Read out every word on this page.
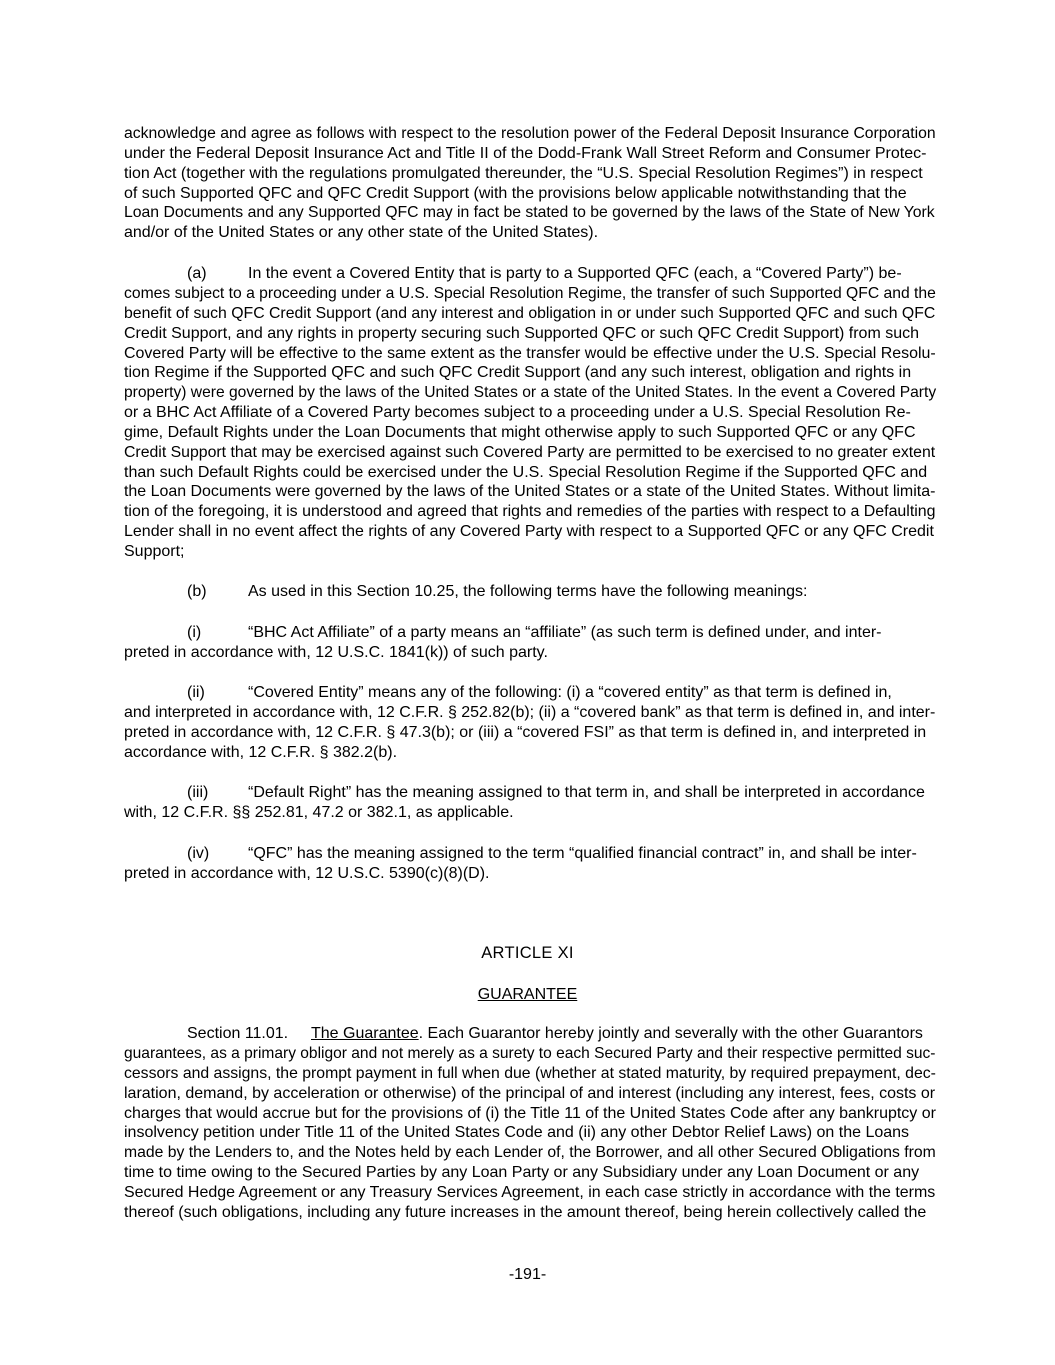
acknowledge and agree as follows with respect to the resolution power of the Federal Deposit Insurance Corporation
under the Federal Deposit Insurance Act and Title II of the Dodd-Frank Wall Street Reform and Consumer Protec-
tion Act (together with the regulations promulgated thereunder, the “U.S. Special Resolution Regimes”) in respect
of such Supported QFC and QFC Credit Support (with the provisions below applicable notwithstanding that the
Loan Documents and any Supported QFC may in fact be stated to be governed by the laws of the State of New York
and/or of the United States or any other state of the United States).
(a)	In the event a Covered Entity that is party to a Supported QFC (each, a “Covered Party”) be-
comes subject to a proceeding under a U.S. Special Resolution Regime, the transfer of such Supported QFC and the
benefit of such QFC Credit Support (and any interest and obligation in or under such Supported QFC and such QFC
Credit Support, and any rights in property securing such Supported QFC or such QFC Credit Support) from such
Covered Party will be effective to the same extent as the transfer would be effective under the U.S. Special Resolu-
tion Regime if the Supported QFC and such QFC Credit Support (and any such interest, obligation and rights in
property) were governed by the laws of the United States or a state of the United States. In the event a Covered Party
or a BHC Act Affiliate of a Covered Party becomes subject to a proceeding under a U.S. Special Resolution Re-
gime, Default Rights under the Loan Documents that might otherwise apply to such Supported QFC or any QFC
Credit Support that may be exercised against such Covered Party are permitted to be exercised to no greater extent
than such Default Rights could be exercised under the U.S. Special Resolution Regime if the Supported QFC and
the Loan Documents were governed by the laws of the United States or a state of the United States. Without limita-
tion of the foregoing, it is understood and agreed that rights and remedies of the parties with respect to a Defaulting
Lender shall in no event affect the rights of any Covered Party with respect to a Supported QFC or any QFC Credit
Support;
(b)	As used in this Section 10.25, the following terms have the following meanings:
(i)	“BHC Act Affiliate” of a party means an “affiliate” (as such term is defined under, and inter-
preted in accordance with, 12 U.S.C. 1841(k)) of such party.
(ii)	“Covered Entity” means any of the following: (i) a “covered entity” as that term is defined in,
and interpreted in accordance with, 12 C.F.R. § 252.82(b); (ii) a “covered bank” as that term is defined in, and inter-
preted in accordance with, 12 C.F.R. § 47.3(b); or (iii) a “covered FSI” as that term is defined in, and interpreted in
accordance with, 12 C.F.R. § 382.2(b).
(iii) “Default Right” has the meaning assigned to that term in, and shall be interpreted in accordance
with, 12 C.F.R. §§ 252.81, 47.2 or 382.1, as applicable.
(iv) “QFC” has the meaning assigned to the term “qualified financial contract” in, and shall be inter-
preted in accordance with, 12 U.S.C. 5390(c)(8)(D).
ARTICLE XI
GUARANTEE
Section 11.01. The Guarantee. Each Guarantor hereby jointly and severally with the other Guarantors
guarantees, as a primary obligor and not merely as a surety to each Secured Party and their respective permitted suc-
cessors and assigns, the prompt payment in full when due (whether at stated maturity, by required prepayment, dec-
laration, demand, by acceleration or otherwise) of the principal of and interest (including any interest, fees, costs or
charges that would accrue but for the provisions of (i) the Title 11 of the United States Code after any bankruptcy or
insolvency petition under Title 11 of the United States Code and (ii) any other Debtor Relief Laws) on the Loans
made by the Lenders to, and the Notes held by each Lender of, the Borrower, and all other Secured Obligations from
time to time owing to the Secured Parties by any Loan Party or any Subsidiary under any Loan Document or any
Secured Hedge Agreement or any Treasury Services Agreement, in each case strictly in accordance with the terms
thereof (such obligations, including any future increases in the amount thereof, being herein collectively called the
-191-
